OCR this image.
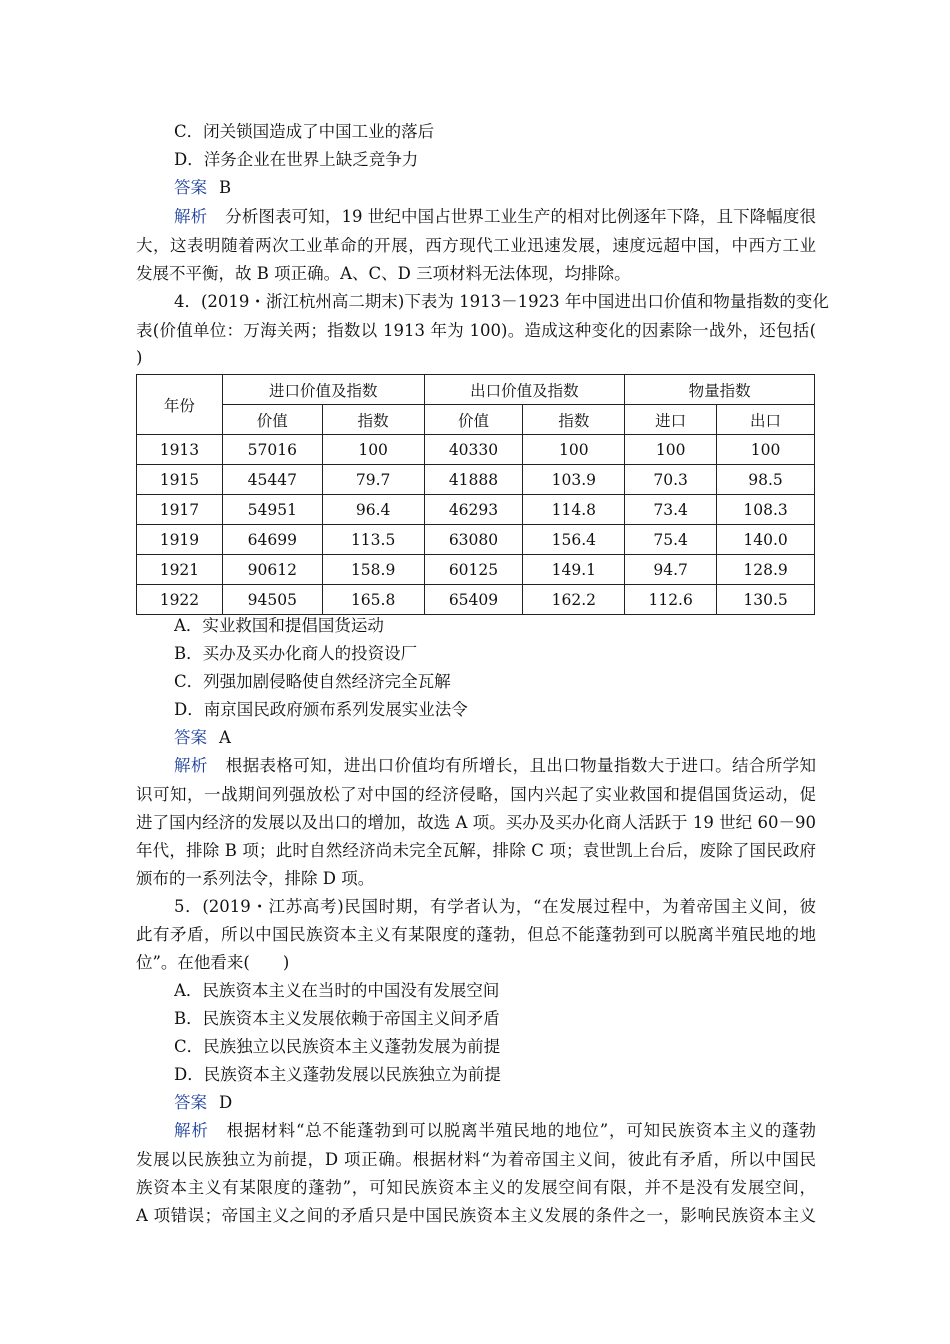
C．闭关锁国造成了中国工业的落后
D．洋务企业在世界上缺乏竞争力
答案 B
解析 分析图表可知，19 世纪中国占世界工业生产的相对比例逐年下降，且下降幅度很
大，这表明随着两次工业革命的开展，西方现代工业迅速发展，速度远超中国，中西方工业
发展不平衡，故 B 项正确。A、C、D 三项材料无法体现，均排除。
4．(2019・浙江杭州高二期末)下表为 1913－1923 年中国进出口价值和物量指数的变化
表(价值单位：万海关两；指数以 1913 年为 100)。造成这种变化的因素除一战外，还包括(
)
年份	进口价值及指数		出口价值及指数		物量指数	
	价值	指数	价值	指数	进口	出口
1913	57016	100	40330	100	100	100
1915	45447	79.7	41888	103.9	70.3	98.5
1917	54951	96.4	46293	114.8	73.4	108.3
1919	64699	113.5	63080	156.4	75.4	140.0
1921	90612	158.9	60125	149.1	94.7	128.9
1922	94505	165.8	65409	162.2	112.6	130.5
A．实业救国和提倡国货运动
B．买办及买办化商人的投资设厂
C．列强加剧侵略使自然经济完全瓦解
D．南京国民政府颁布系列发展实业法令
答案 A
解析 根据表格可知，进出口价值均有所增长，且出口物量指数大于进口。结合所学知
识可知，一战期间列强放松了对中国的经济侵略，国内兴起了实业救国和提倡国货运动，促
进了国内经济的发展以及出口的增加，故选 A 项。买办及买办化商人活跃于 19 世纪 60－90
年代，排除 B 项；此时自然经济尚未完全瓦解，排除 C 项；袁世凯上台后，废除了国民政府
颁布的一系列法令，排除 D 项。
5．(2019・江苏高考)民国时期，有学者认为，“在发展过程中，为着帝国主义间，彼
此有矛盾，所以中国民族资本主义有某限度的蓬勃，但总不能蓬勃到可以脱离半殖民地的地
位”。在他看来(　　)
A．民族资本主义在当时的中国没有发展空间
B．民族资本主义发展依赖于帝国主义间矛盾
C．民族独立以民族资本主义蓬勃发展为前提
D．民族资本主义蓬勃发展以民族独立为前提
答案 D
解析 根据材料“总不能蓬勃到可以脱离半殖民地的地位”，可知民族资本主义的蓬勃
发展以民族独立为前提，D 项正确。根据材料“为着帝国主义间，彼此有矛盾，所以中国民
族资本主义有某限度的蓬勃”，可知民族资本主义的发展空间有限，并不是没有发展空间，
A 项错误；帝国主义之间的矛盾只是中国民族资本主义发展的条件之一，影响民族资本主义
